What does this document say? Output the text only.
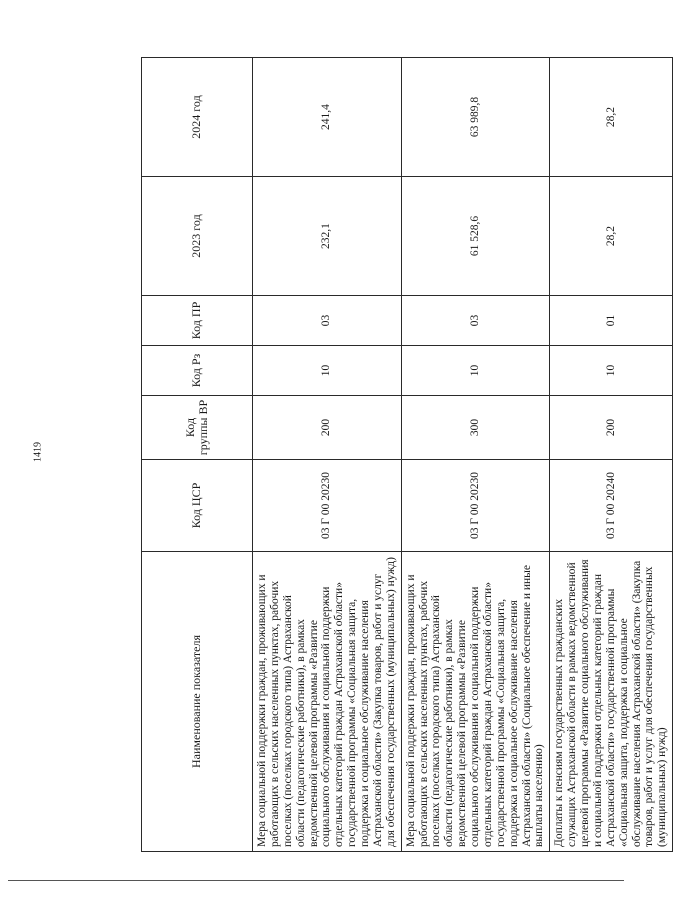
1419
Наименование показателя	Код ЦСР	Код группы ВР	Код Рз	Код ПР	2023 год	2024 год
Мера социальной поддержки граждан, проживающих и работающих в сельских населенных пунктах, рабочих поселках (поселках городского типа) Астраханской области (педагогические работники), в рамках ведомственной целевой программы «Развитие социального обслуживания и социальной поддержки отдельных категорий граждан Астраханской области» государственной программы «Социальная защита, поддержка и социальное обслуживание населения Астраханской области» (Закупка товаров, работ и услуг для обеспечения государственных (муниципальных) нужд)	03 Г 00 20230	200	10	03	232,1	241,4
Мера социальной поддержки граждан, проживающих и работающих в сельских населенных пунктах, рабочих поселках (поселках городского типа) Астраханской области (педагогические работники), в рамках ведомственной целевой программы «Развитие социального обслуживания и социальной поддержки отдельных категорий граждан Астраханской области» государственной программы «Социальная защита, поддержка и социальное обслуживание населения Астраханской области» (Социальное обеспечение и иные выплаты населению)	03 Г 00 20230	300	10	03	61 528,6	63 989,8
Доплаты к пенсиям государственных гражданских служащих Астраханской области в рамках ведомственной целевой программы «Развитие социального обслуживания и социальной поддержки отдельных категорий граждан Астраханской области» государственной программы «Социальная защита, поддержка и социальное обслуживание населения Астраханской области» (Закупка товаров, работ и услуг для обеспечения государственных (муниципальных) нужд)	03 Г 00 20240	200	10	01	28,2	28,2
